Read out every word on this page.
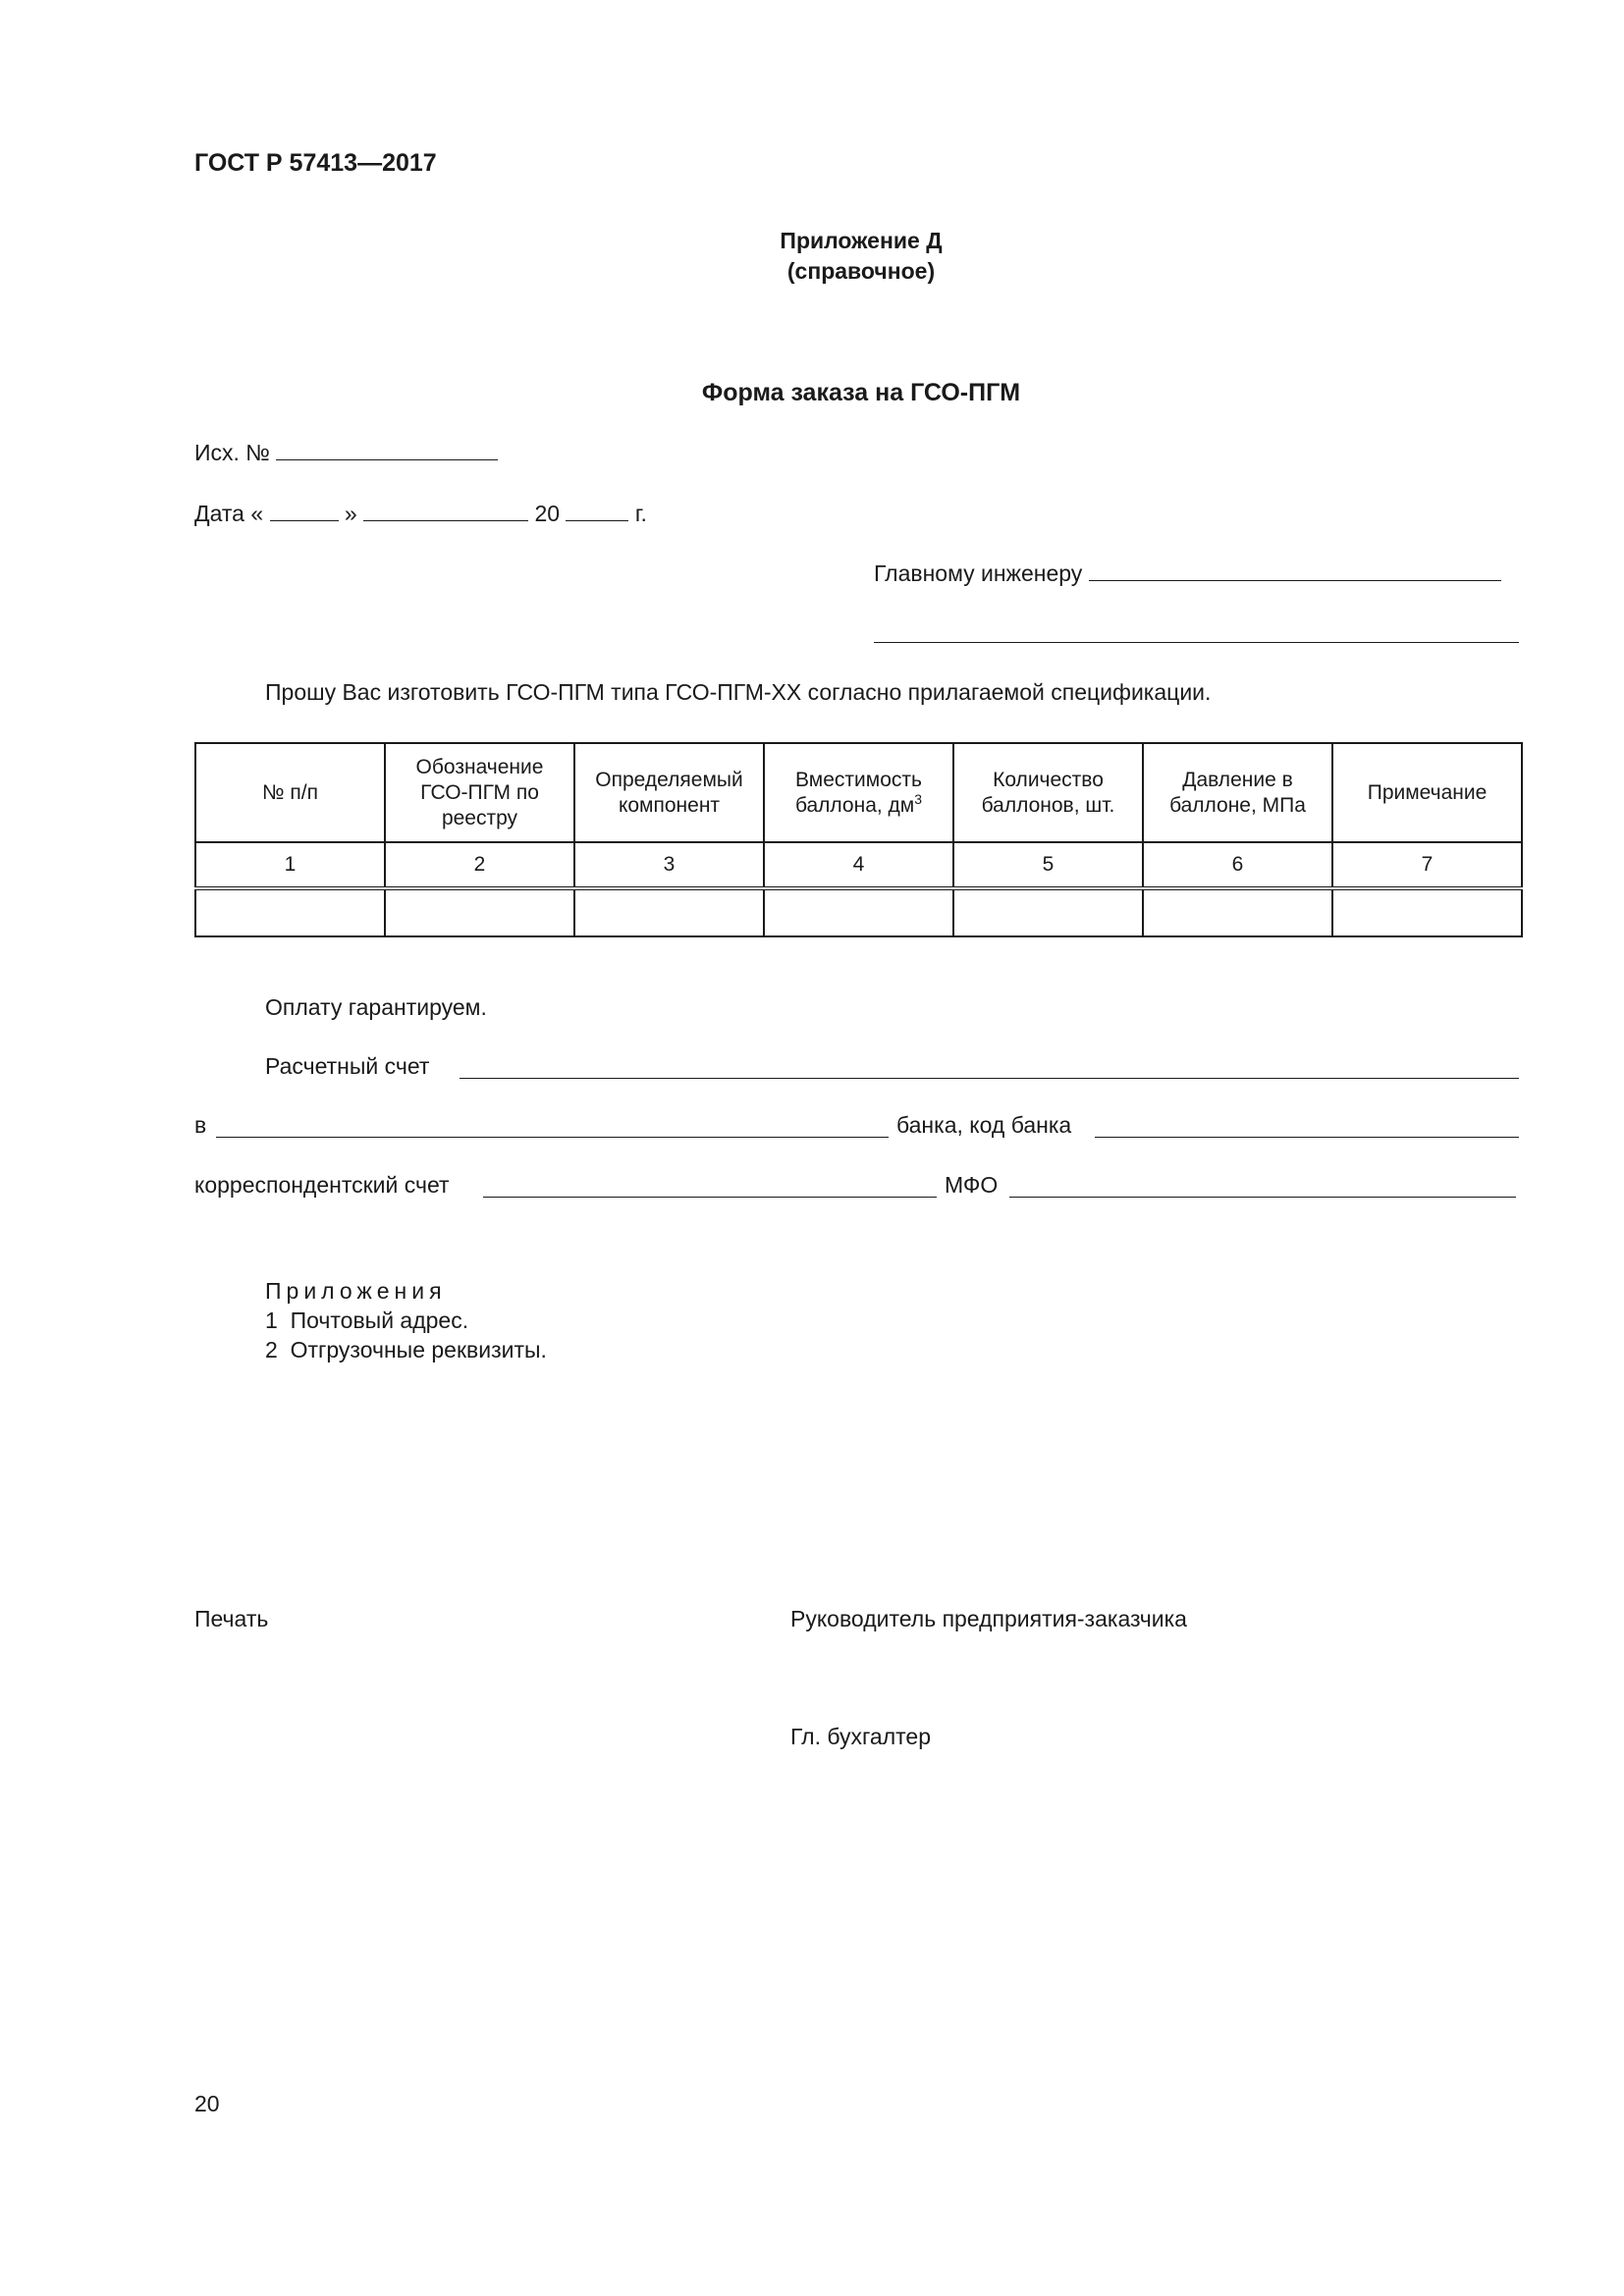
ГОСТ Р 57413—2017
Приложение Д
(справочное)
Форма заказа на ГСО-ПГМ
Исх. №
Дата «	»	20	г.
Главному инженеру
Прошу Вас изготовить ГСО-ПГМ типа ГСО-ПГМ-ХХ согласно прилагаемой спецификации.
№ п/п	Обозначение ГСО-ПГМ по реестру	Определяемый компонент	Вместимость баллона, $дм^3$	Количество баллонов, шт.	Давление в баллоне, МПа	Примечание
1	2	3	4	5	6	7

Оплату гарантируем.
Расчетный счет
в	банка, код банка
корреспондентский счет	МФО
Приложения
1  Почтовый адрес.
2  Отгрузочные реквизиты.
Печать	Руководитель предприятия-заказчика
Гл. бухгалтер
20
